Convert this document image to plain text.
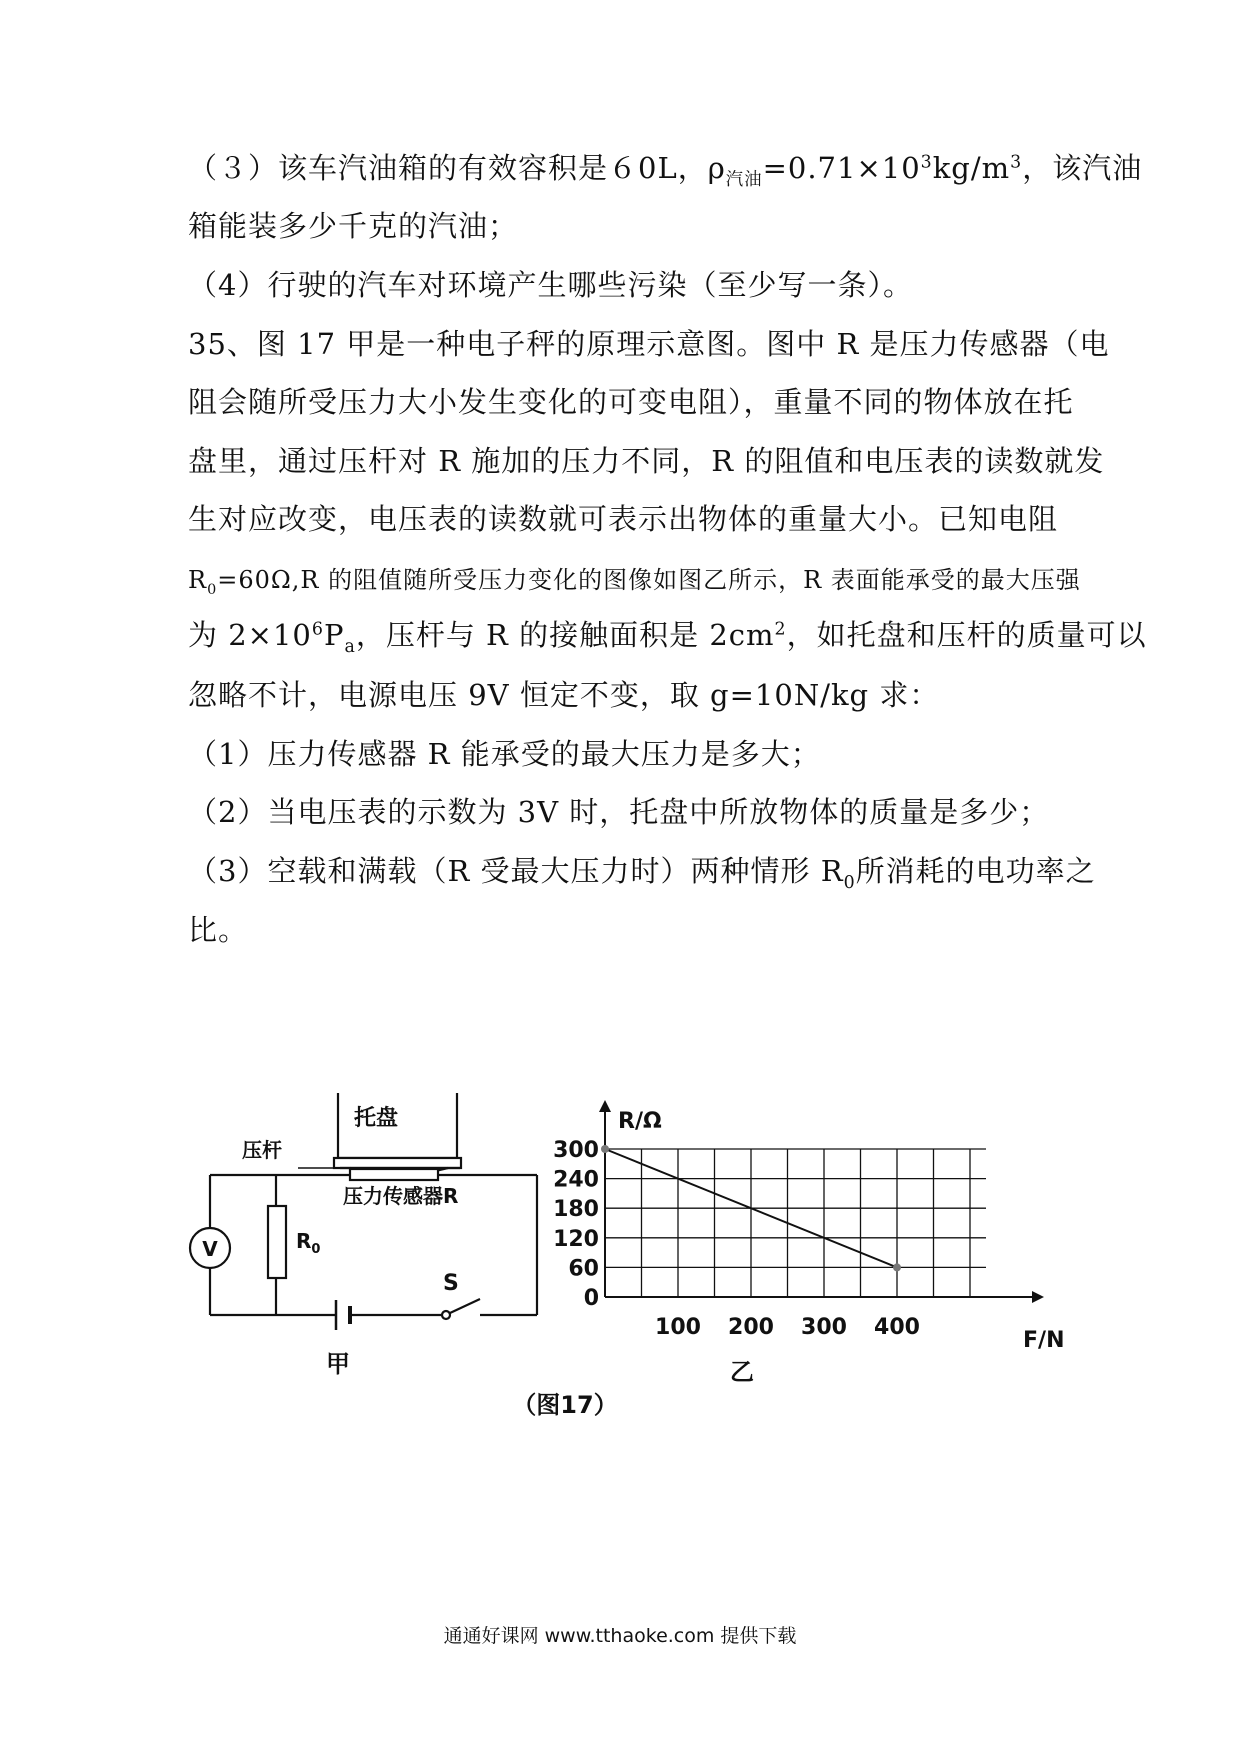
（３）该车汽油箱的有效容积是６0L，$\rho_{汽油}=0.71\times 10^3kg/m^3$，该汽油
箱能装多少千克的汽油；
（4）行驶的汽车对环境产生哪些污染（至少写一条）。
35、图 17 甲是一种电子秤的原理示意图。图中 R 是压力传感器（电
阻会随所受压力大小发生变化的可变电阻），重量不同的物体放在托
盘里，通过压杆对 R 施加的压力不同，R 的阻值和电压表的读数就发
生对应改变，电压表的读数就可表示出物体的重量大小。已知电阻
$R_0=60\Omega,R$ 的阻值随所受压力变化的图像如图乙所示，R 表面能承受的最大压强
为 $2\times 10^6P_a$，压杆与 R 的接触面积是 $2cm^2$，如托盘和压杆的质量可以
忽略不计，电源电压 9V 恒定不变，取 g=10N/kg 求：
（1）压力传感器 R 能承受的最大压力是多大；
（2）当电压表的示数为 3V 时，托盘中所放物体的质量是多少；
（3）空载和满载（R 受最大压力时）两种情形 $R_0$所消耗的电功率之
比。
托盘
压杆
压力传感器R
V	$R_0$
S
甲
0
60
120
180
240
300
100 200 300 400
F/N
R/Ω
乙
（图17）
通通好课网 www.tthaoke.com 提供下载
